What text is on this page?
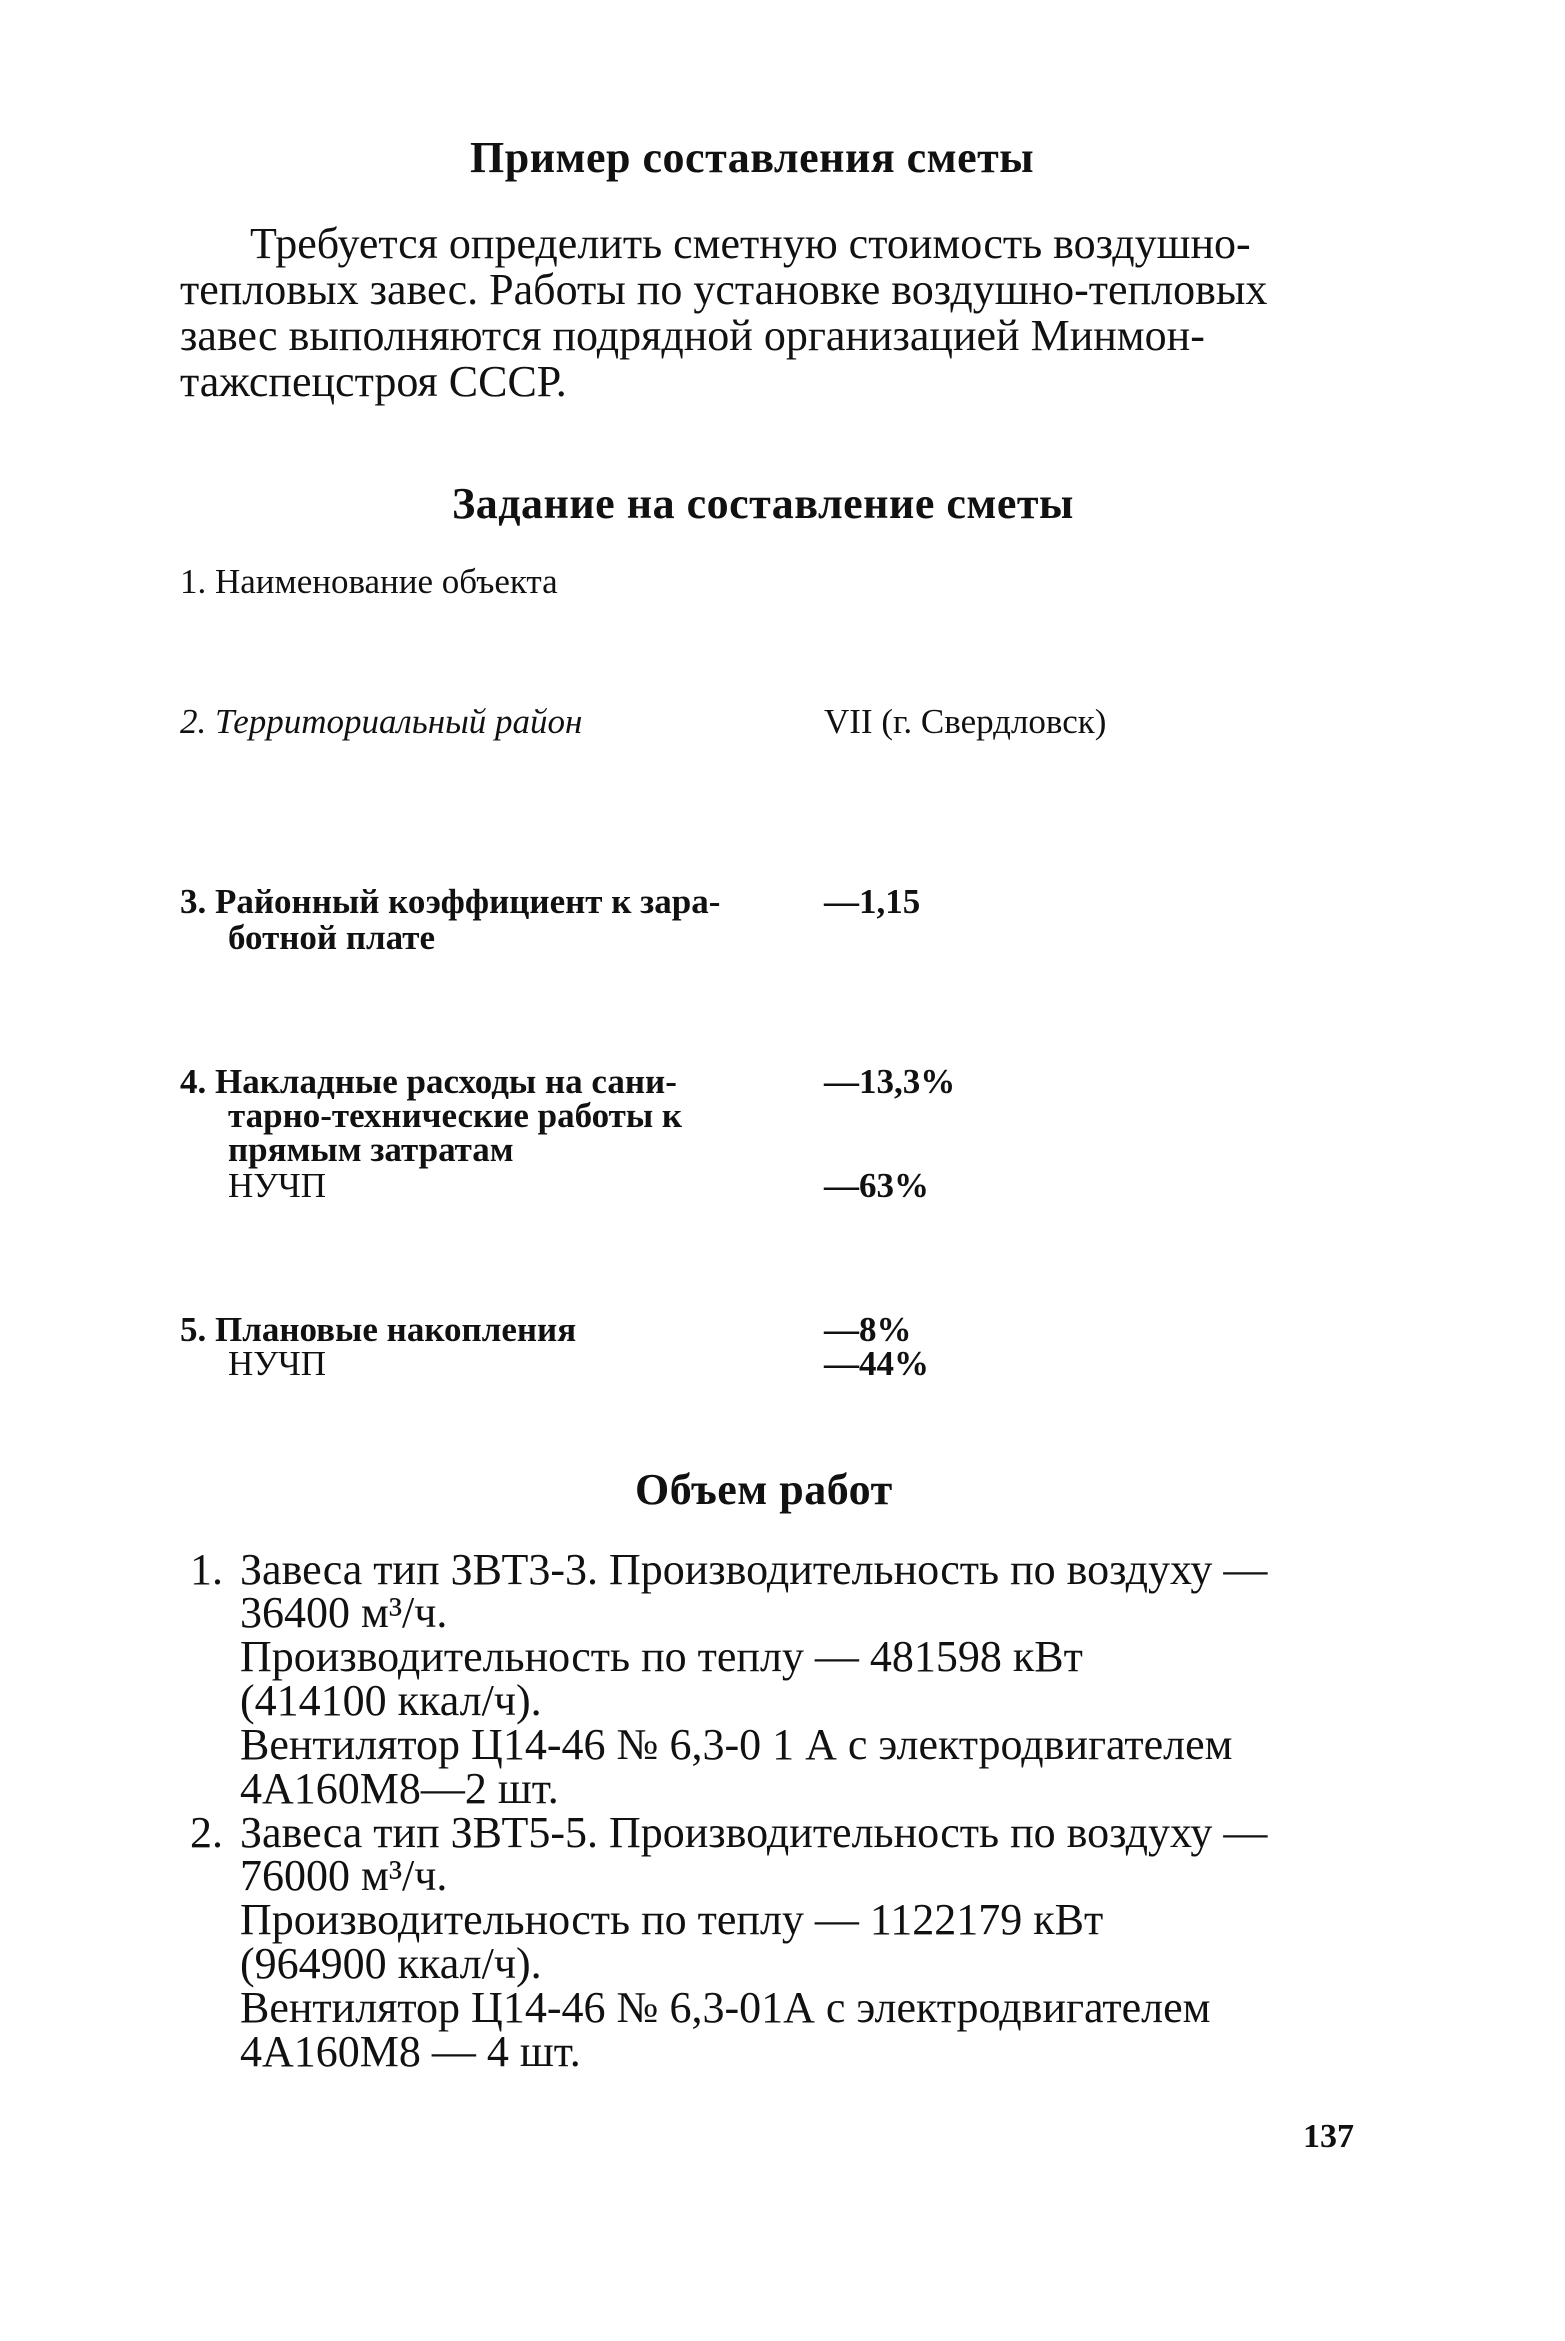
Пример составления сметы
Требуется определить сметную стоимость воздушно-
тепловых завес. Работы по установке воздушно-тепловых
завес выполняются подрядной организацией Минмон-
тажспецстроя СССР.
Задание на составление сметы
1. Наименование объекта
2. Территориальный район	VII (г. Свердловск)
3. Районный коэффициент к зара-
ботной плате
—1,15
4. Накладные расходы на сани-
тарно-технические работы к
прямым затратам
НУЧП
—13,3%
—63%
5. Плановые накопления
НУЧП
—8%
—44%
Объем работ
1. Завеса тип ЗВТ3-3. Производительность по воздуху —
36400 м³/ч.
Производительность по теплу — 481598 кВт
(414100 ккал/ч).
Вентилятор Ц14-46 № 6,3-0 1 А с электродвигателем
4А160М8—2 шт.
2. Завеса тип ЗВТ5-5. Производительность по воздуху —
76000 м³/ч.
Производительность по теплу — 1122179 кВт
(964900 ккал/ч).
Вентилятор Ц14-46 № 6,3-01А с электродвигателем
4А160М8 — 4 шт.
137
